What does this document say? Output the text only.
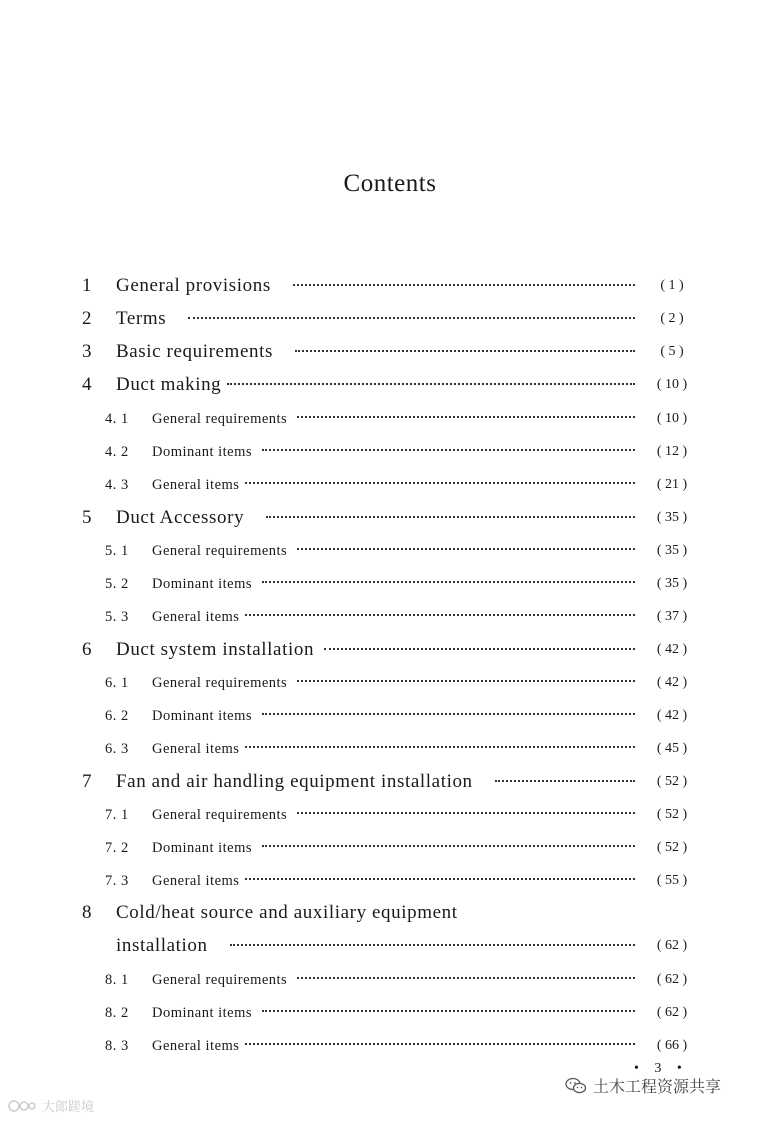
Contents
1 General provisions	( 1 )
2 Terms	( 2 )
3 Basic requirements	( 5 )
4 Duct making	( 10 )
4. 1 General requirements	( 10 )
4. 2 Dominant items	( 12 )
4. 3 General items	( 21 )
5 Duct Accessory	( 35 )
5. 1 General requirements	( 35 )
5. 2 Dominant items	( 35 )
5. 3 General items	( 37 )
6 Duct system installation	( 42 )
6. 1 General requirements	( 42 )
6. 2 Dominant items	( 42 )
6. 3 General items	( 45 )
7 Fan and air handling equipment installation	( 52 )
7. 1 General requirements	( 52 )
7. 2 Dominant items	( 52 )
7. 3 General items	( 55 )
8 Cold/heat source and auxiliary equipment
installation	( 62 )
8. 1 General requirements	( 62 )
8. 2 Dominant items	( 62 )
8. 3 General items	( 66 )
• 3 •
土木工程资源共享
大郎蹉境
